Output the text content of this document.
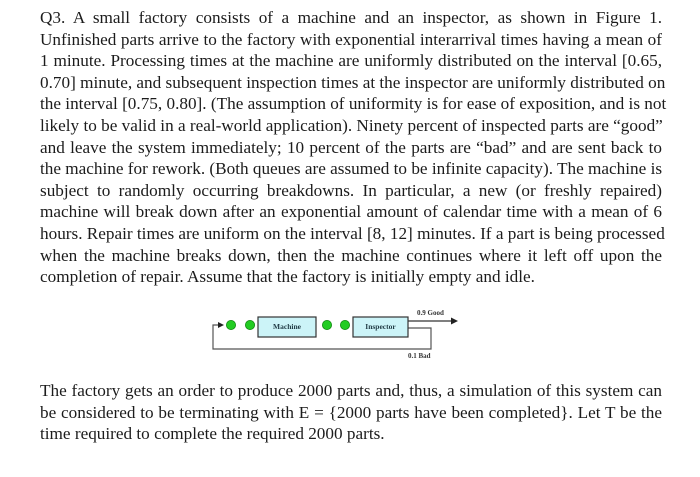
Q3. A small factory consists of a machine and an inspector, as shown in Figure 1.
Unfinished parts arrive to the factory with exponential interarrival times having a mean of
1 minute. Processing times at the machine are uniformly distributed on the interval [0.65,
0.70] minute, and subsequent inspection times at the inspector are uniformly distributed on
the interval [0.75, 0.80]. (The assumption of uniformity is for ease of exposition, and is not
likely to be valid in a real-world application). Ninety percent of inspected parts are “good”
and leave the system immediately; 10 percent of the parts are “bad” and are sent back to
the machine for rework. (Both queues are assumed to be infinite capacity). The machine is
subject to randomly occurring breakdowns. In particular, a new (or freshly repaired)
machine will break down after an exponential amount of calendar time with a mean of 6
hours. Repair times are uniform on the interval [8, 12] minutes. If a part is being processed
when the machine breaks down, then the machine continues where it left off upon the
completion of repair. Assume that the factory is initially empty and idle.
Machine	Inspector
0.9 Good
0.1 Bad
The factory gets an order to produce 2000 parts and, thus, a simulation of this system can
be considered to be terminating with E = {2000 parts have been completed}. Let T be the
time required to complete the required 2000 parts.
